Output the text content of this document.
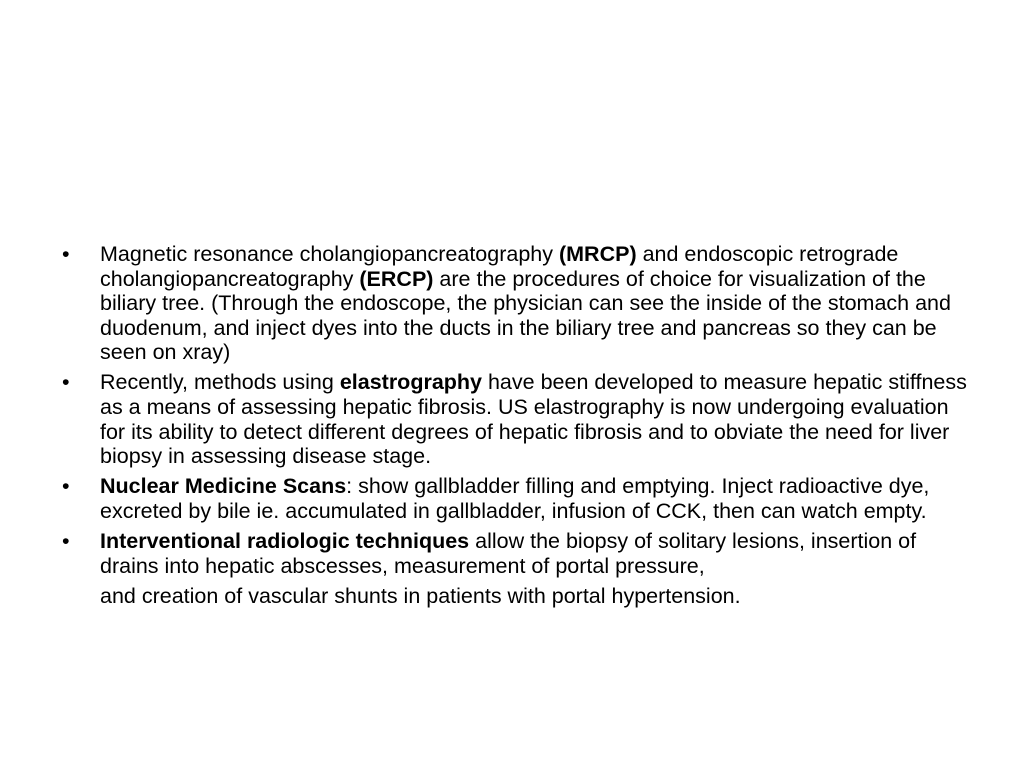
• Magnetic resonance cholangiopancreatography (MRCP) and endoscopic retrograde cholangiopancreatography (ERCP) are the procedures of choice for visualization of the biliary tree. (Through the endoscope, the physician can see the inside of the stomach and duodenum, and inject dyes into the ducts in the biliary tree and pancreas so they can be seen on xray)
• Recently, methods using elastrography have been developed to measure hepatic stiffness as a means of assessing hepatic fibrosis. US elastrography is now undergoing evaluation for its ability to detect different degrees of hepatic fibrosis and to obviate the need for liver biopsy in assessing disease stage.
• Nuclear Medicine Scans: show gallbladder filling and emptying. Inject radioactive dye, excreted by bile ie. accumulated in gallbladder, infusion of CCK, then can watch empty.
• Interventional radiologic techniques allow the biopsy of solitary lesions, insertion of drains into hepatic abscesses, measurement of portal pressure,
and creation of vascular shunts in patients with portal hypertension.
